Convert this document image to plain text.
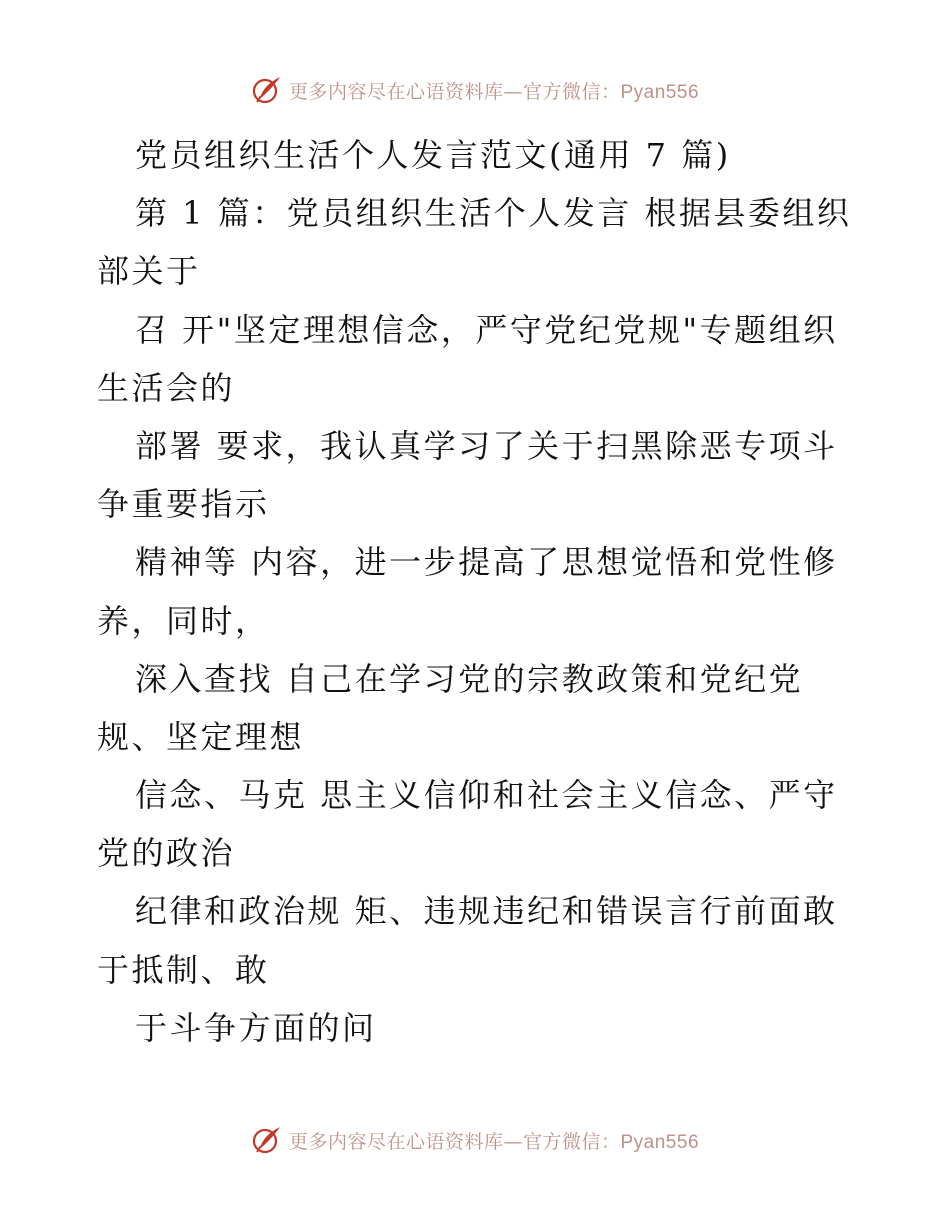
更多内容尽在心语资料库—官方微信：Pyan556
党员组织生活个人发言范文(通用 7 篇)
第 1 篇：党员组织生活个人发言 根据县委组织
部关于
召 开"坚定理想信念，严守党纪党规"专题组织
生活会的
部署 要求，我认真学习了关于扫黑除恶专项斗
争重要指示
精神等 内容，进一步提高了思想觉悟和党性修
养，同时，
深入查找 自己在学习党的宗教政策和党纪党
规、坚定理想
信念、马克 思主义信仰和社会主义信念、严守
党的政治
纪律和政治规 矩、违规违纪和错误言行前面敢
于抵制、敢
于斗争方面的问
更多内容尽在心语资料库—官方微信：Pyan556
